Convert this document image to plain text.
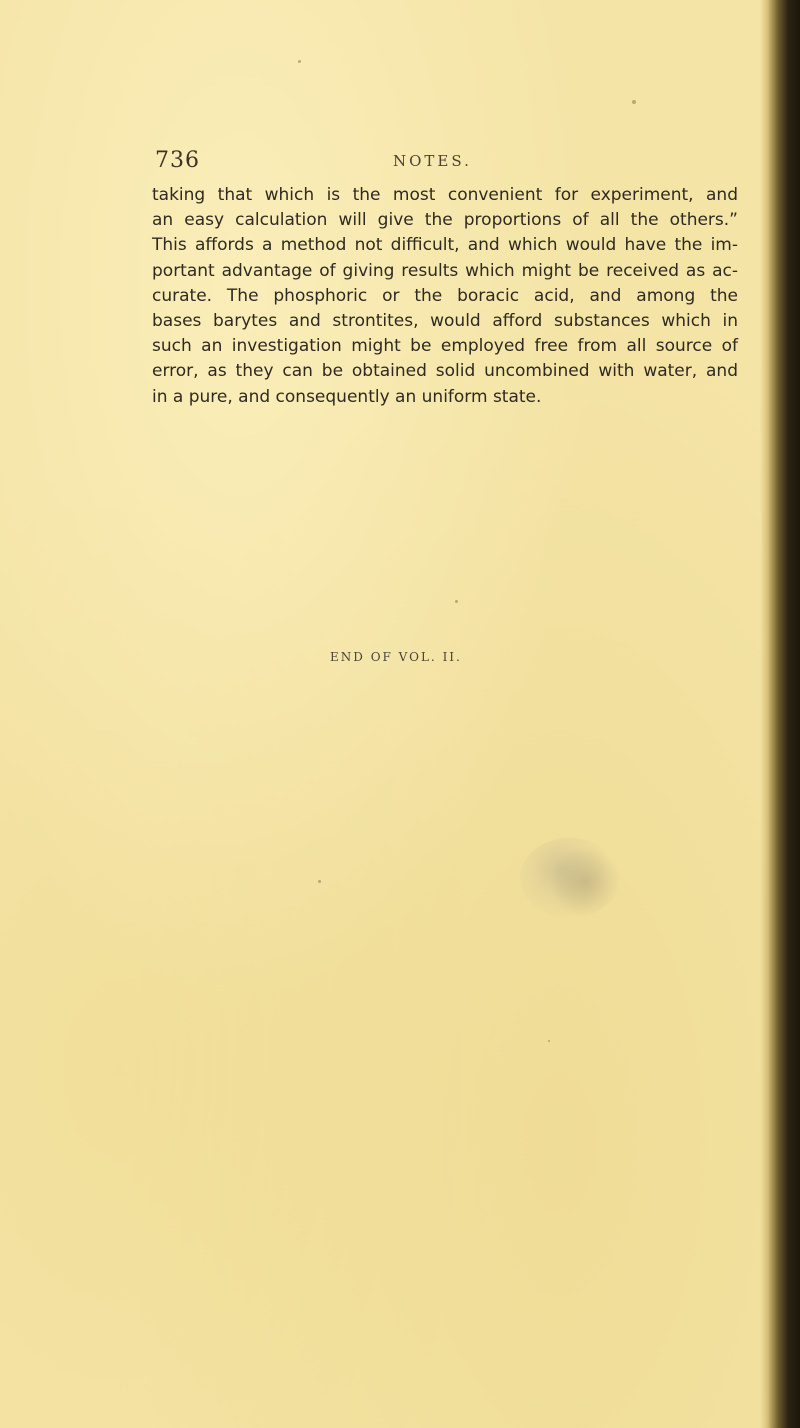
736	NOTES.
taking that which is the most convenient for experiment, and
an easy calculation will give the proportions of all the others.”
This affords a method not difficult, and which would have the im-
portant advantage of giving results which might be received as ac-
curate. The phosphoric or the boracic acid, and among the
bases barytes and strontites, would afford substances which in
such an investigation might be employed free from all source of
error, as they can be obtained solid uncombined with water, and
in a pure, and consequently an uniform state.
END OF VOL. II.
